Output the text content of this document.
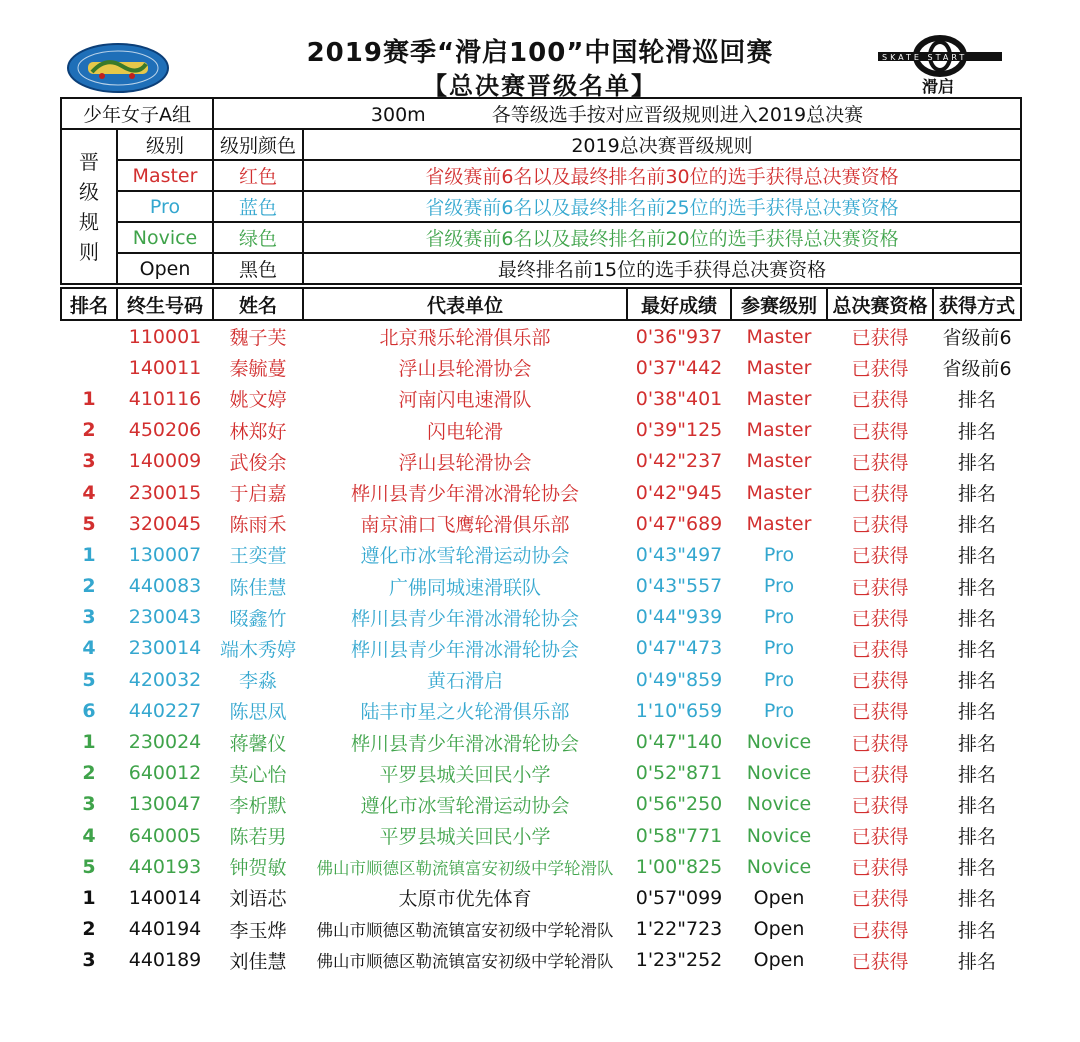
SKATE START
滑启
2019赛季“滑启100”中国轮滑巡回赛
【总决赛晋级名单】
少年女子A组		300m 各等级选手按对应晋级规则进入2019总决赛	

晋
级
规
则	级别	级别颜色	2019总决赛晋级规则
	Master	红色	省级赛前6名以及最终排名前30位的选手获得总决赛资格
	Pro	蓝色	省级赛前6名以及最终排名前25位的选手获得总决赛资格
	Novice	绿色	省级赛前6名以及最终排名前20位的选手获得总决赛资格
	Open	黑色	最终排名前15位的选手获得总决赛资格
排名	终生号码	姓名	代表单位	最好成绩	参赛级别	总决赛资格	获得方式
	110001	魏子芙	北京飛乐轮滑俱乐部	0'36"937	Master	已获得	省级前6
	140011	秦毓蔓	浮山县轮滑协会	0'37"442	Master	已获得	省级前6
1	410116	姚文婷	河南闪电速滑队	0'38"401	Master	已获得	排名
2	450206	林郑好	闪电轮滑	0'39"125	Master	已获得	排名
3	140009	武俊余	浮山县轮滑协会	0'42"237	Master	已获得	排名
4	230015	于启嘉	桦川县青少年滑冰滑轮协会	0'42"945	Master	已获得	排名
5	320045	陈雨禾	南京浦口飞鹰轮滑俱乐部	0'47"689	Master	已获得	排名
1	130007	王奕萱	遵化市冰雪轮滑运动协会	0'43"497	Pro	已获得	排名
2	440083	陈佳慧	广佛同城速滑联队	0'43"557	Pro	已获得	排名
3	230043	啜鑫竹	桦川县青少年滑冰滑轮协会	0'44"939	Pro	已获得	排名
4	230014	端木秀婷	桦川县青少年滑冰滑轮协会	0'47"473	Pro	已获得	排名
5	420032	李淼	黄石滑启	0'49"859	Pro	已获得	排名
6	440227	陈思凤	陆丰市星之火轮滑俱乐部	1'10"659	Pro	已获得	排名
1	230024	蒋馨仪	桦川县青少年滑冰滑轮协会	0'47"140	Novice	已获得	排名
2	640012	莫心怡	平罗县城关回民小学	0'52"871	Novice	已获得	排名
3	130047	李析默	遵化市冰雪轮滑运动协会	0'56"250	Novice	已获得	排名
4	640005	陈若男	平罗县城关回民小学	0'58"771	Novice	已获得	排名
5	440193	钟贺敏	佛山市顺德区勒流镇富安初级中学轮滑队	1'00"825	Novice	已获得	排名
1	140014	刘语芯	太原市优先体育	0'57"099	Open	已获得	排名
2	440194	李玉烨	佛山市顺德区勒流镇富安初级中学轮滑队	1'22"723	Open	已获得	排名
3	440189	刘佳慧	佛山市顺德区勒流镇富安初级中学轮滑队	1'23"252	Open	已获得	排名
